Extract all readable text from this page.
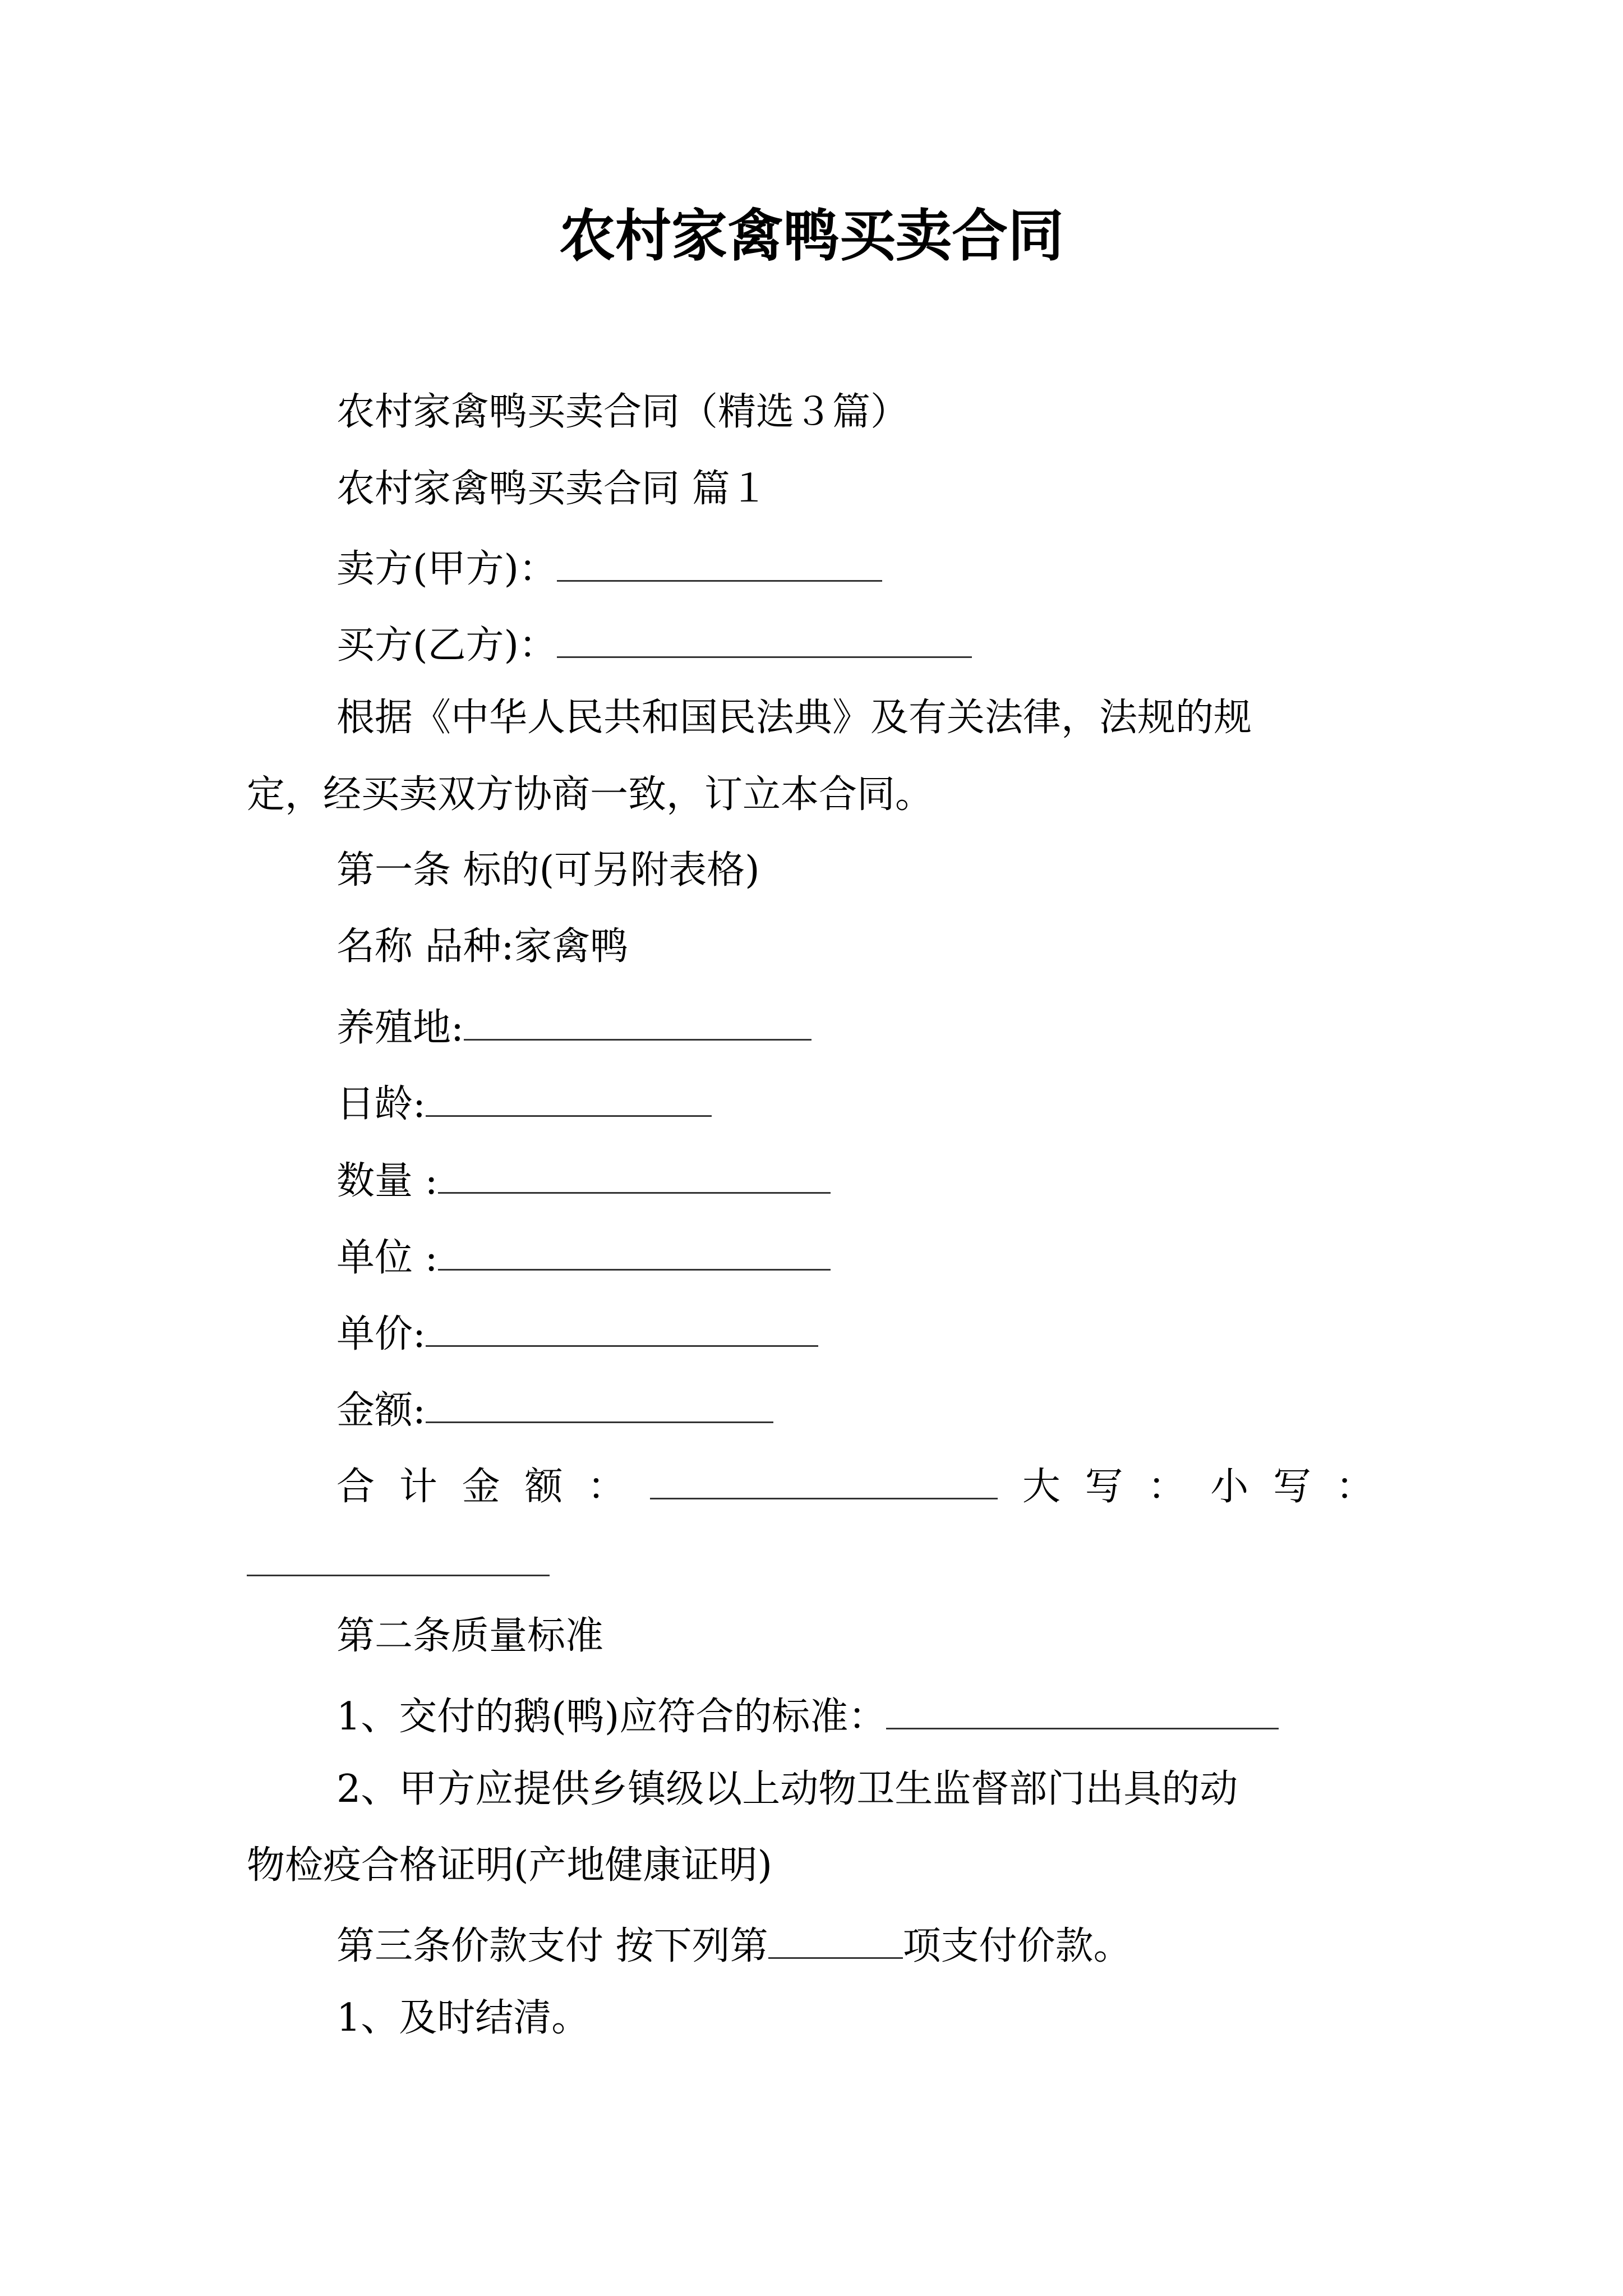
农村家禽鸭买卖合同
农村家禽鸭买卖合同（精选３篇）
农村家禽鸭买卖合同 篇１
卖方(甲方)：
买方(乙方)：
根据《中华人民共和国民法典》及有关法律，法规的规
定，经买卖双方协商一致，订立本合同。
第一条 标的(可另附表格)
名称 品种:家禽鸭
养殖地:
日龄:
数量 :
单位 :
单价:
金额:
合 计 金 额 ：	大 写 ： 小 写 ：
第二条质量标准
1、交付的鹅(鸭)应符合的标准：
2、甲方应提供乡镇级以上动物卫生监督部门出具的动
物检疫合格证明(产地健康证明)
第三条价款支付 按下列第	项支付价款。
1、及时结清。
